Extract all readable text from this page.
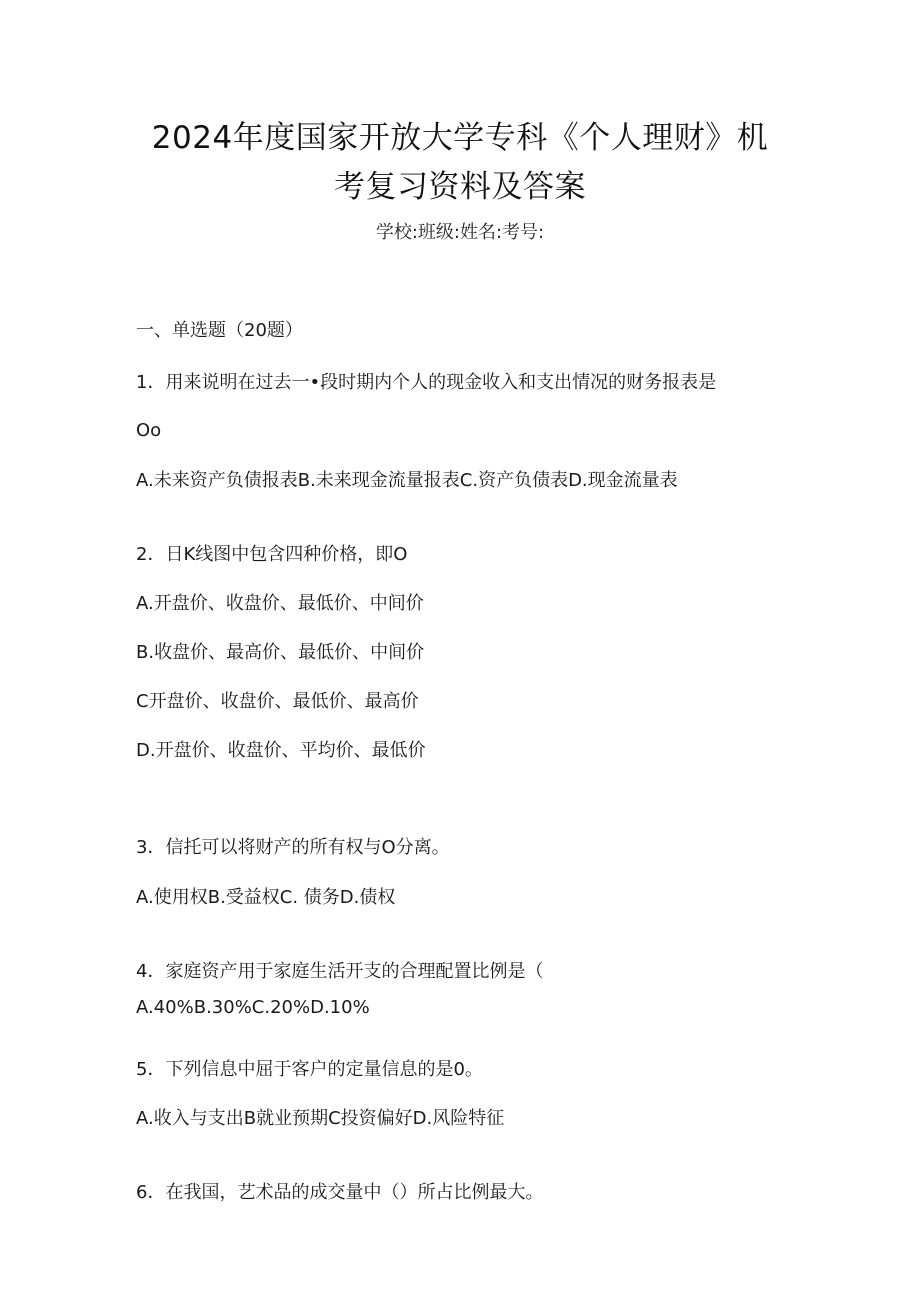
2024年度国家开放大学专科《个人理财》机
考复习资料及答案
学校:班级:姓名:考号:
一、单选题（20题）
1．用来说明在过去一•段时期内个人的现金收入和支出情况的财务报表是
Oo
A.未来资产负债报表B.未来现金流量报表C.资产负债表D.现金流量表
2．日K线图中包含四种价格，即O
A.开盘价、收盘价、最低价、中间价
B.收盘价、最高价、最低价、中间价
C开盘价、收盘价、最低价、最高价
D.开盘价、收盘价、平均价、最低价
3．信托可以将财产的所有权与O分离。
A.使用权B.受益权C. 债务D.债权
4．家庭资产用于家庭生活开支的合理配置比例是（
A.40%B.30%C.20%D.10%
5．下列信息中屈于客户的定量信息的是0。
A.收入与支出B就业预期C投资偏好D.风险特征
6．在我国，艺术品的成交量中（）所占比例最大。
